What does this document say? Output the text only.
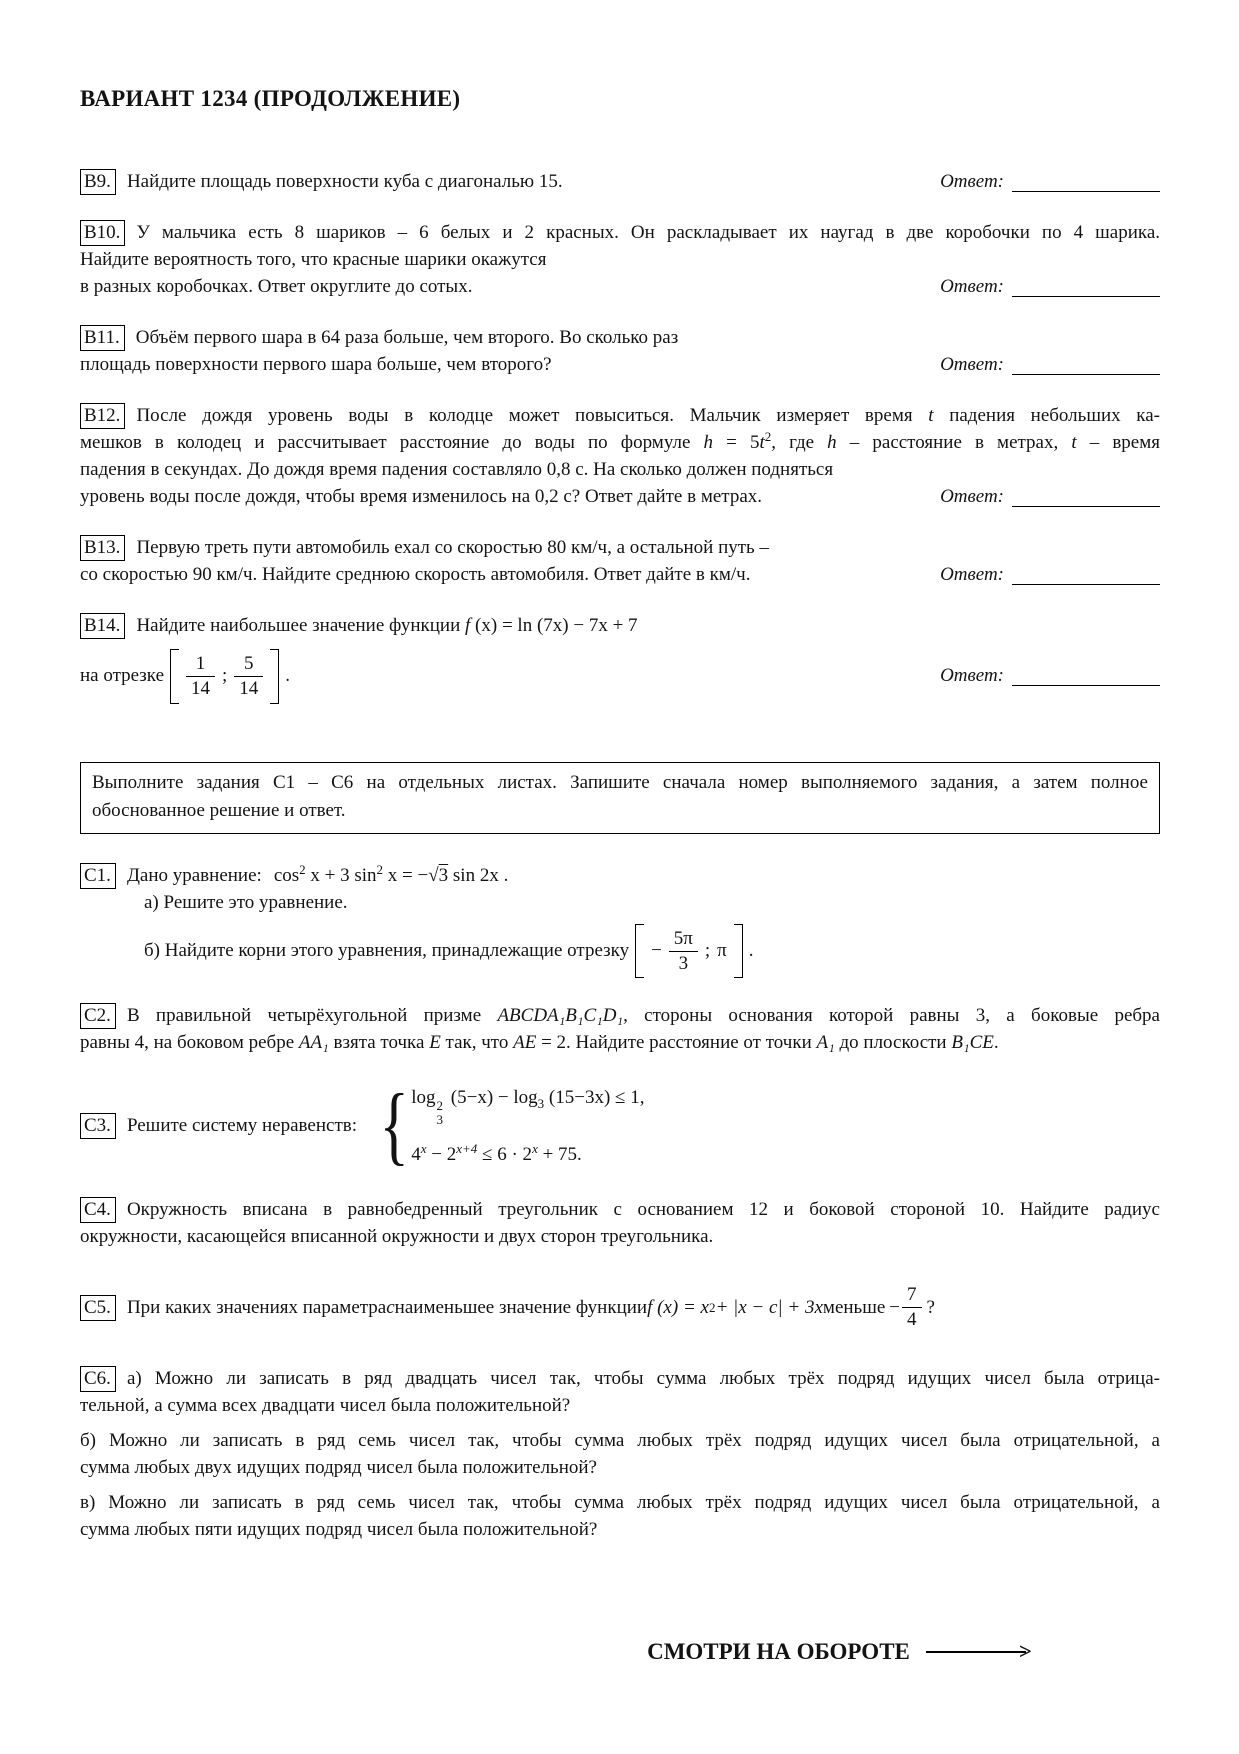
ВАРИАНТ 1234 (ПРОДОЛЖЕНИЕ)
В9. Найдите площадь поверхности куба с диагональю 15.	Ответ:
В10. У мальчика есть 8 шариков – 6 белых и 2 красных. Он раскладывает их наугад в две коробочки по 4 шарика.
Найдите вероятность того, что красные шарики окажутся
в разных коробочках. Ответ округлите до сотых.	Ответ:
В11. Объём первого шара в 64 раза больше, чем второго. Во сколько раз
площадь поверхности первого шара больше, чем второго?	Ответ:
В12. После дождя уровень воды в колодце может повыситься. Мальчик измеряет время t падения небольших ка-
мешков в колодец и рассчитывает расстояние до воды по формуле $h = 5t^2$, где h – расстояние в метрах, t – время
падения в секундах. До дождя время падения составляло 0,8 с. На сколько должен подняться
уровень воды после дождя, чтобы время изменилось на 0,2 с? Ответ дайте в метрах.	Ответ:
В13. Первую треть пути автомобиль ехал со скоростью 80 км/ч, а остальной путь –
со скоростью 90 км/ч. Найдите среднюю скорость автомобиля. Ответ дайте в км/ч.	Ответ:
В14. Найдите наибольшее значение функции f (x) = ln (7x) − 7x + 7
на отрезке $\frac{1}{14}$ ; $\frac{5}{14}$ .	Ответ:
Выполните задания С1 – С6 на отдельных листах. Запишите сначала номер выполняемого задания, а затем полное
обоснованное решение и ответ.
С1. Дано уравнение: $\cos^2 x + 3$ $\sin^2 x = -√3$ sin 2x .
а) Решите это уравнение.
б) Найдите корни этого уравнения, принадлежащие отрезку − $\frac{5\pi}{3}$ ; π .
С2. В правильной четырёхугольной призме ABCDA₁B₁C₁D₁, стороны основания которой равны 3, а боковые ребра
равны 4, на боковом ребре AA₁ взята точка E так, что AE = 2. Найдите расстояние от точки A₁ до плоскости B₁CE.
С3. Решите систему неравенств: { log 2
3
$(5-x) - \log_3 (15-3x) \le 1$,
$4^x - 2^{x+4} \le 6 \cdot 2^x + 75$.
С4. Окружность вписана в равнобедренный треугольник с основанием 12 и боковой стороной 10. Найдите радиус
окружности, касающейся вписанной окружности и двух сторон треугольника.
С5. При каких значениях параметра c наименьшее значение функции f (x) = x 2 + |x − c| + 3x меньше − $\frac{7}{4}$ ?
С6. а) Можно ли записать в ряд двадцать чисел так, чтобы сумма любых трёх подряд идущих чисел была отрица-
тельной, а сумма всех двадцати чисел была положительной?
б) Можно ли записать в ряд семь чисел так, чтобы сумма любых трёх подряд идущих чисел была отрицательной, а
сумма любых двух идущих подряд чисел была положительной?
в) Можно ли записать в ряд семь чисел так, чтобы сумма любых трёх подряд идущих чисел была отрицательной, а
сумма любых пяти идущих подряд чисел была положительной?
СМОТРИ НА ОБОРОТЕ	>
